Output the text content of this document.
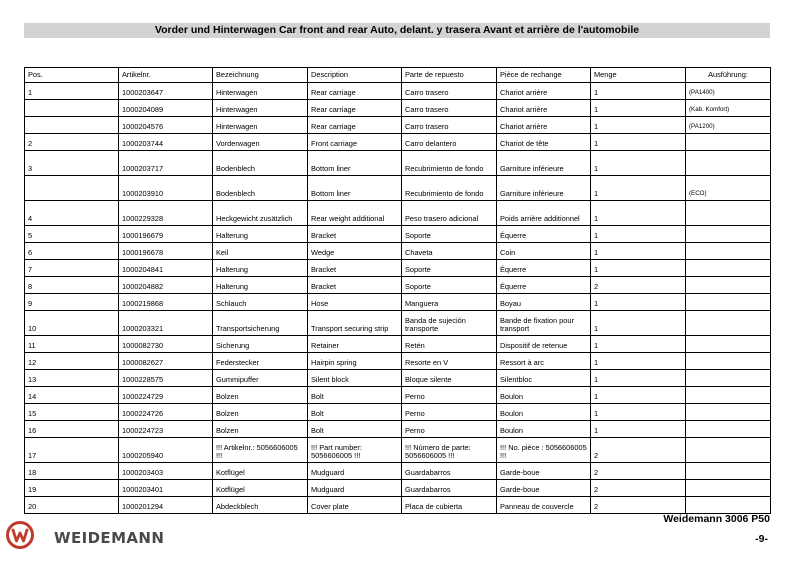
Vorder und Hinterwagen Car front and rear Auto, delant. y trasera Avant et arrière de l'automobile
Pos.	Artikelnr.	Bezeichnung	Description	Parte de repuesto	Pièce de rechange	Menge	Ausführung:
1	1000203647	Hinterwagen	Rear carriage	Carro trasero	Chariot arrière	1	(PA1400)
	1000204089	Hinterwagen	Rear carriage	Carro trasero	Chariot arrière	1	(Kab. Komfort)
	1000204576	Hinterwagen	Rear carriage	Carro trasero	Chariot arrière	1	(PA1200)
2	1000203744	Vorderwagen	Front carriage	Carro delantero	Chariot de tête	1	
3	1000203717	Bodenblech	Bottom liner	Recubrimiento de fondo	Garniture inférieure	1	
	1000203910	Bodenblech	Bottom liner	Recubrimiento de fondo	Garniture inférieure	1	(ECO)
4	1000229328	Heckgewicht zusätzlich	Rear weight additional	Peso trasero adicional	Poids arrière additionnel	1	
5	1000196679	Halterung	Bracket	Soporte	Équerre	1	
6	1000196678	Keil	Wedge	Chaveta	Coin	1	
7	1000204841	Halterung	Bracket	Soporte	Équerre	1	
8	1000204882	Halterung	Bracket	Soporte	Équerre	2	
9	1000219868	Schlauch	Hose	Manguera	Boyau	1	
10	1000203321	Transportsicherung	Transport securing strip	Banda de sujeción transporte	Bande de fixation pour transport	1	
11	1000082730	Sicherung	Retainer	Retén	Dispositif de retenue	1	
12	1000082627	Federstecker	Hairpin spring	Resorte en V	Ressort à arc	1	
13	1000228575	Gummipuffer	Silent block	Bloque silente	Silentbloc	1	
14	1000224729	Bolzen	Bolt	Perno	Boulon	1	
15	1000224726	Bolzen	Bolt	Perno	Boulon	1	
16	1000224723	Bolzen	Bolt	Perno	Boulon	1	
17	1000205940	!!! Artikelnr.: 5056606005 !!!	!!! Part number: 5056606005 !!!	!!! Número de parte: 5056606005 !!!	!!! No. pièce : 5056606005 !!!	2	
18	1000203403	Kotflügel	Mudguard	Guardabarros	Garde-boue	2	
19	1000203401	Kotflügel	Mudguard	Guardabarros	Garde-boue	2	
20	1000201294	Abdeckblech	Cover plate	Placa de cubierta	Panneau de couvercle	2	
WEIDEMANN
Weidemann 3006 P50
-9-
